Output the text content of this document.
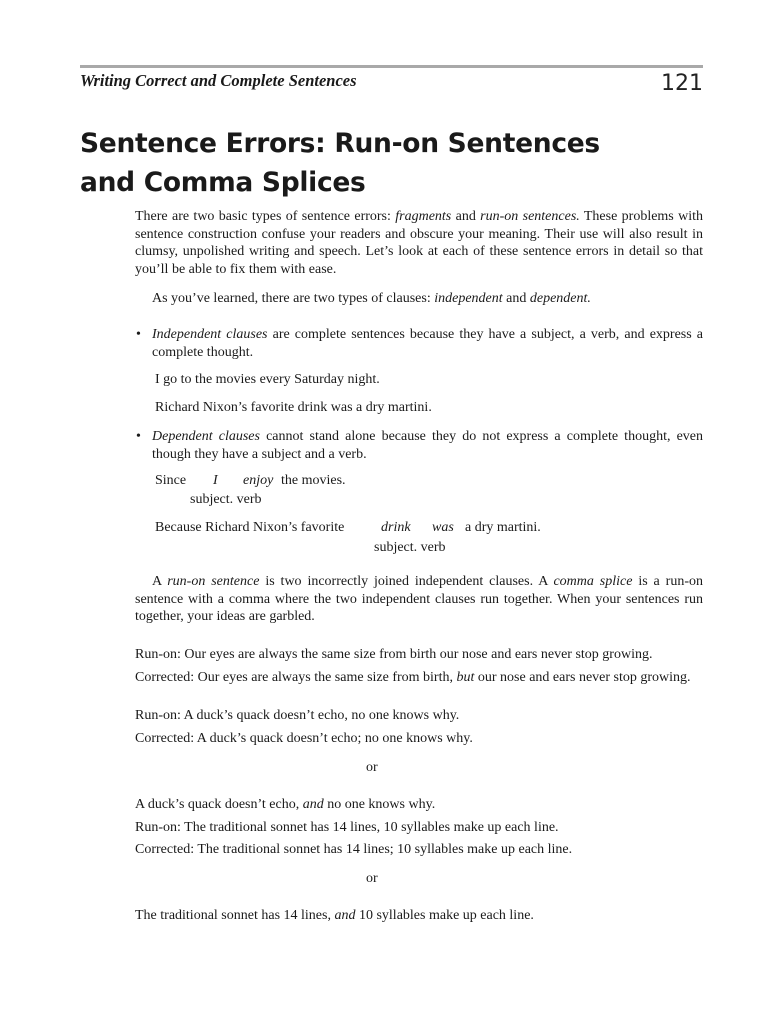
Writing Correct and Complete Sentences	121
Sentence Errors: Run-on Sentences
and Comma Splices
There are two basic types of sentence errors: fragments and run-on sentences. These problems with sentence construction confuse your readers and obscure your meaning. Their use will also result in clumsy, unpolished writing and speech. Let’s look at each of these sentence errors in detail so that you’ll be able to fix them with ease.
As you’ve learned, there are two types of clauses: independent and dependent.
• Independent clauses are complete sentences because they have a subject, a verb, and express a complete thought.
I go to the movies every Saturday night.
Richard Nixon’s favorite drink was a dry martini.
• Dependent clauses cannot stand alone because they do not express a complete thought, even though they have a subject and a verb.
Since I enjoy the movies.
subject. verb
Because Richard Nixon’s favorite	drink was a dry martini.
subject. verb
A run-on sentence is two incorrectly joined independent clauses. A comma splice is a run-on sentence with a comma where the two independent clauses run together. When your sentences run together, your ideas are garbled.
Run-on: Our eyes are always the same size from birth our nose and ears never stop growing.
Corrected: Our eyes are always the same size from birth, but our nose and ears never stop growing.
Run-on: A duck’s quack doesn’t echo, no one knows why.
Corrected: A duck’s quack doesn’t echo; no one knows why.
or
A duck’s quack doesn’t echo, and no one knows why.
Run-on: The traditional sonnet has 14 lines, 10 syllables make up each line.
Corrected: The traditional sonnet has 14 lines; 10 syllables make up each line.
or
The traditional sonnet has 14 lines, and 10 syllables make up each line.
